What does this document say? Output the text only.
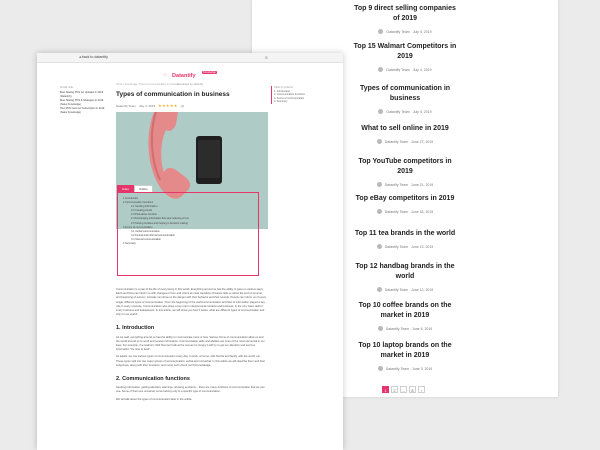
Top 9 direct selling companies of 2019
Datantify Team July 4, 2019
Top 15 Walmart Competitors in 2019
Datantify Team July 4, 2019
Types of communication in business
Datantify Team July 4, 2019
What to sell online in 2019
Datantify Team June 27, 2019
Top YouTube competitors in 2019
Datantify Team June 21, 2019
Top eBay competitors in 2019
Datantify Team June 18, 2019
Top 11 tea brands in the world
Datantify Team June 13, 2019
Top 12 handbag brands in the world
Datantify Team June 12, 2019
Top 10 coffee brands on the market in 2019
Datantify Team June 6, 2019
Top 10 laptop brands on the market in 2019
Datantify Team June 3, 2019
1	2	…	8	›
◂ back to datantify	≡
♡ Datantify Knowledge
knowledge by datantify
Similar links
Best Skating POS Go Updated in 2019 (Datantify)
Best Skating POS & Strategies in 2019 (Sales Knowledge)
How POS Gets Go Subscription in 2019 (Sales Knowledge)
Home / Knowledge / Types of communication in business
Types of communication in business
Datantify Team July 4, 2019 ★★★★★ (1)
Table of contents
1. Introduction
2. Communication functions
3. Forms of communication
4. Summary
Index	Outline
1 Introduction
2 Communication functions
2.1 Sending information
2.2 Creating bonds
2.3 Persuasive function
2.4 Exchanging information flow and reducing errors
2.5 Solving troubles and helping in decision making
3 Forms of communication
3.1 Verbal communication
3.2 Formal and informal communication
3.3 Internal communication
4 Summary

Communication is a part of the life of every being in this world. Everything around us has the ability to pass on various ways. Earth and flora can inform us with changes in form and colors as clear transition of leaves tells us about the end of summer and beginning of autumn. Animals can show us the danger with their behavior and their sounds. People can inform us of every single, different types of communication. From the beginning of the world communication and flow of information played a key role in every universe. Communication also plays a key role in interpersonal contacts and business. In the very basic skill of every business and salespeople. In this article, we will show you how it works, what are different types of communication and why it is so useful.

1. Introduction

As we said, everything around us has the ability to communicate more or less. Various forms of communication allow us and the world around us to send and receive information. Communication skills and abilities are ones of the most elemental in our lives. For example, if a newborn child that can't talk at the moment is hungry it will try to get our attention and send us information "It's time to feed".

As adults, we use various types of communication every day. In work, at home, with friends and family, with the world, etc. These types split into two major groups of communication: verbal and nonverbal. In this article we will describe them and their subgroups, along with their functions, and more! Let's check out this knowledge.

2. Communication functions

Sending information, getting attention, warnings, showing emotions... there are many functions of communication that we can use. Some of them are universal; some belong only to a specific type of communication.

We will talk about the types of communication later in the article.
